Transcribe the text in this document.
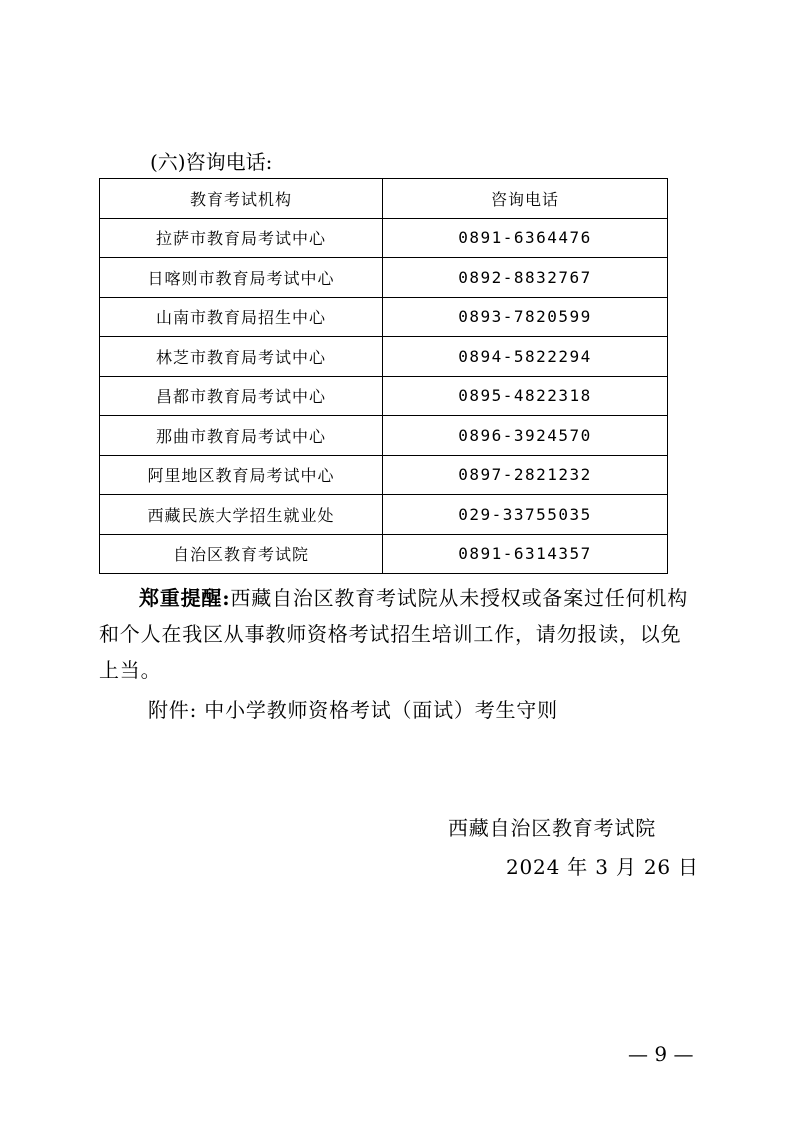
(六)咨询电话:
教育考试机构	咨询电话
拉萨市教育局考试中心	0891-6364476
日喀则市教育局考试中心	0892-8832767
山南市教育局招生中心	0893-7820599
林芝市教育局考试中心	0894-5822294
昌都市教育局考试中心	0895-4822318
那曲市教育局考试中心	0896-3924570
阿里地区教育局考试中心	0897-2821232
西藏民族大学招生就业处	029-33755035
自治区教育考试院	0891-6314357
郑重提醒:西藏自治区教育考试院从未授权或备案过任何机构和个人在我区从事教师资格考试招生培训工作，请勿报读，以免上当。
附件: 中小学教师资格考试（面试）考生守则
西藏自治区教育考试院
2024 年 3 月 26 日
— 9 —
